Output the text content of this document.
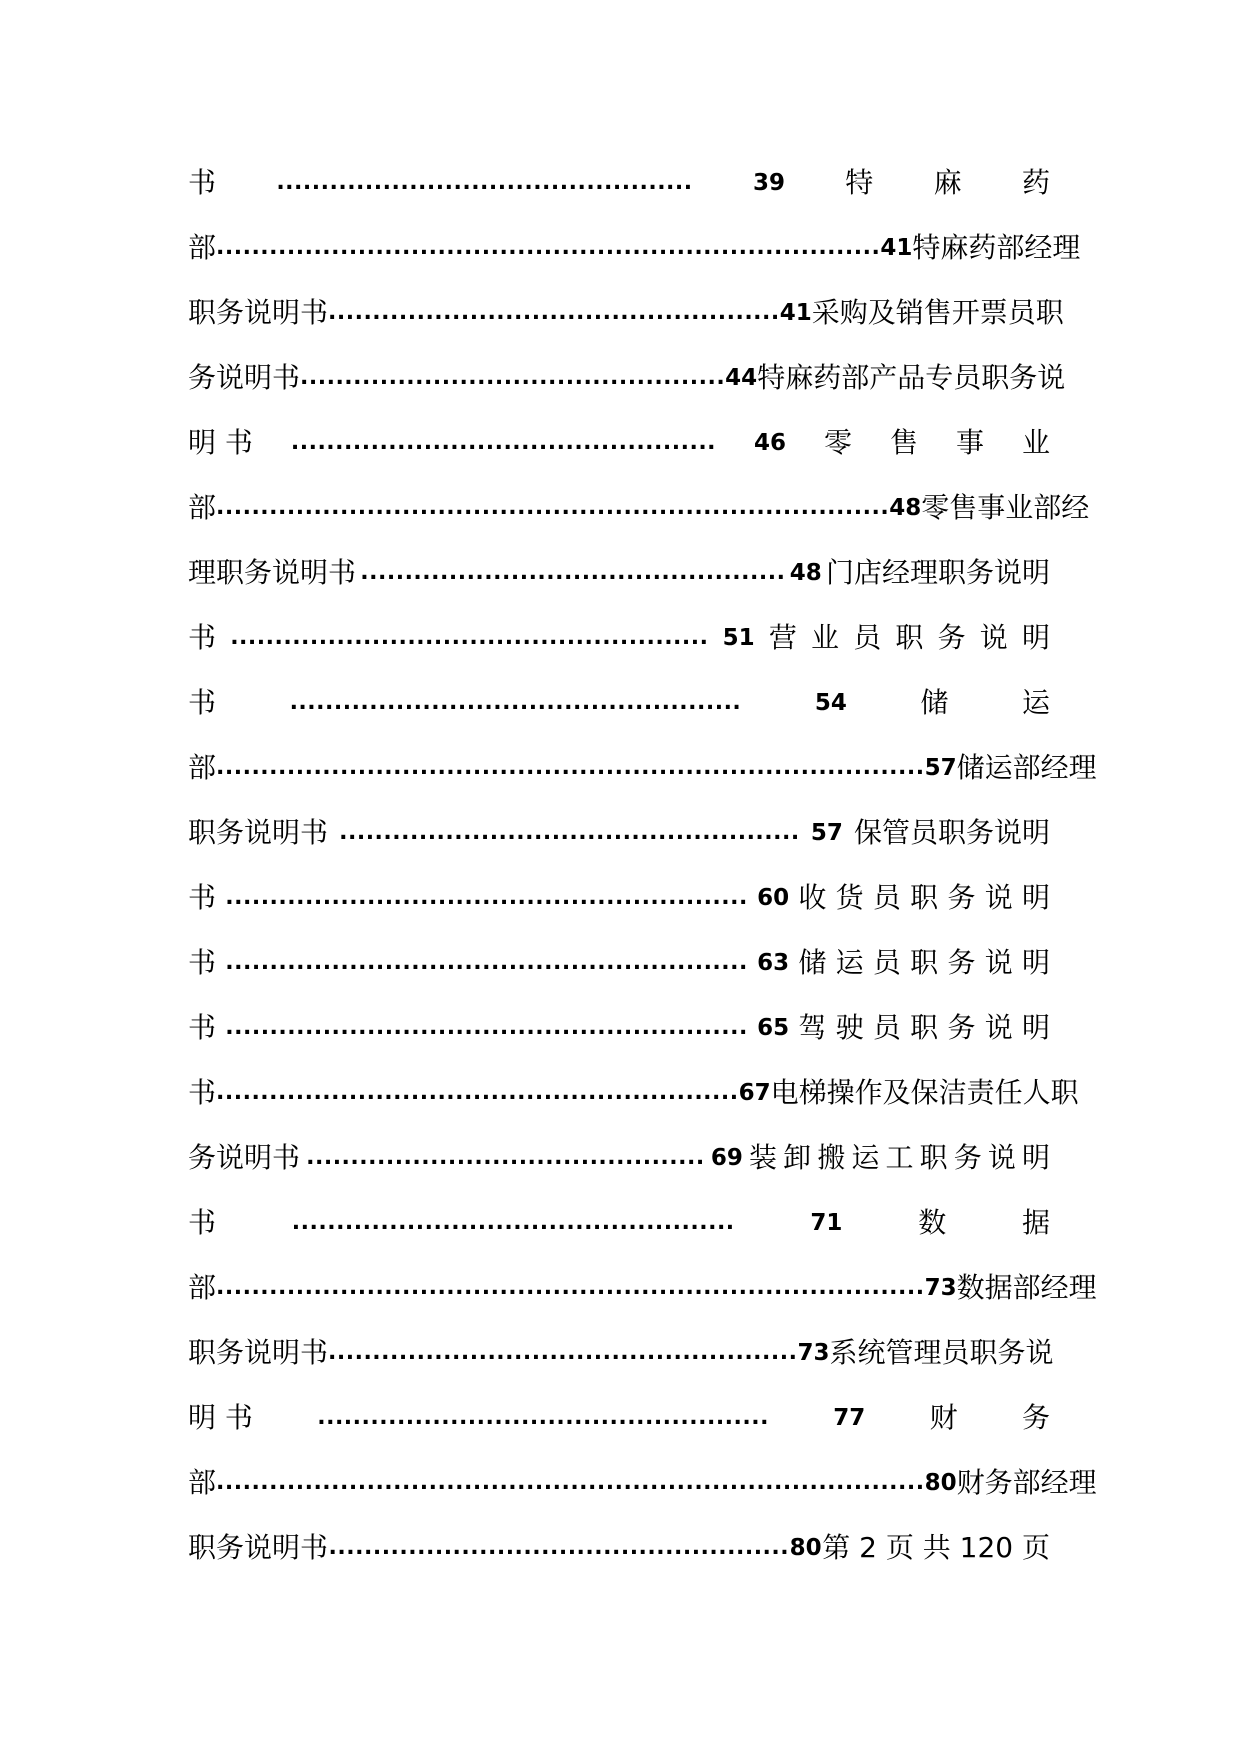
书	...............................................	39 特 麻 药
部 ........................................................................... 41 特麻药部经理
职务说明书 ................................................... 41 采购及销售开票员职
务说明书 ................................................ 44 特麻药部产品专员职务说
明 书 ................................................ 46 零 售 事 业
部 ............................................................................ 48 零售事业部经
理职务说明书 ................................................ 48 门店经理职务说明
书 ...................................................... 51 营 业 员 职 务 说 明
书	...................................................	54	储	运
部 ................................................................................ 57 储运部经理
职务说明书 .................................................... 57 保管员职务说明
书 ........................................................... 60 收 货 员 职 务 说 明
书 ........................................................... 63 储 运 员 职 务 说 明
书 ........................................................... 65 驾 驶 员 职 务 说 明
书 ........................................................... 67 电梯操作及保洁责任人职
务说明书 ............................................. 69 装 卸 搬 运 工 职 务 说 明
书	..................................................	71	数	据
部 ................................................................................ 73 数据部经理
职务说明书 ..................................................... 73 系统管理员职务说
明 书	...................................................	77 财 务
部 ................................................................................ 80 财务部经理
职务说明书 .................................................... 80 第 2 页 共 120 页
